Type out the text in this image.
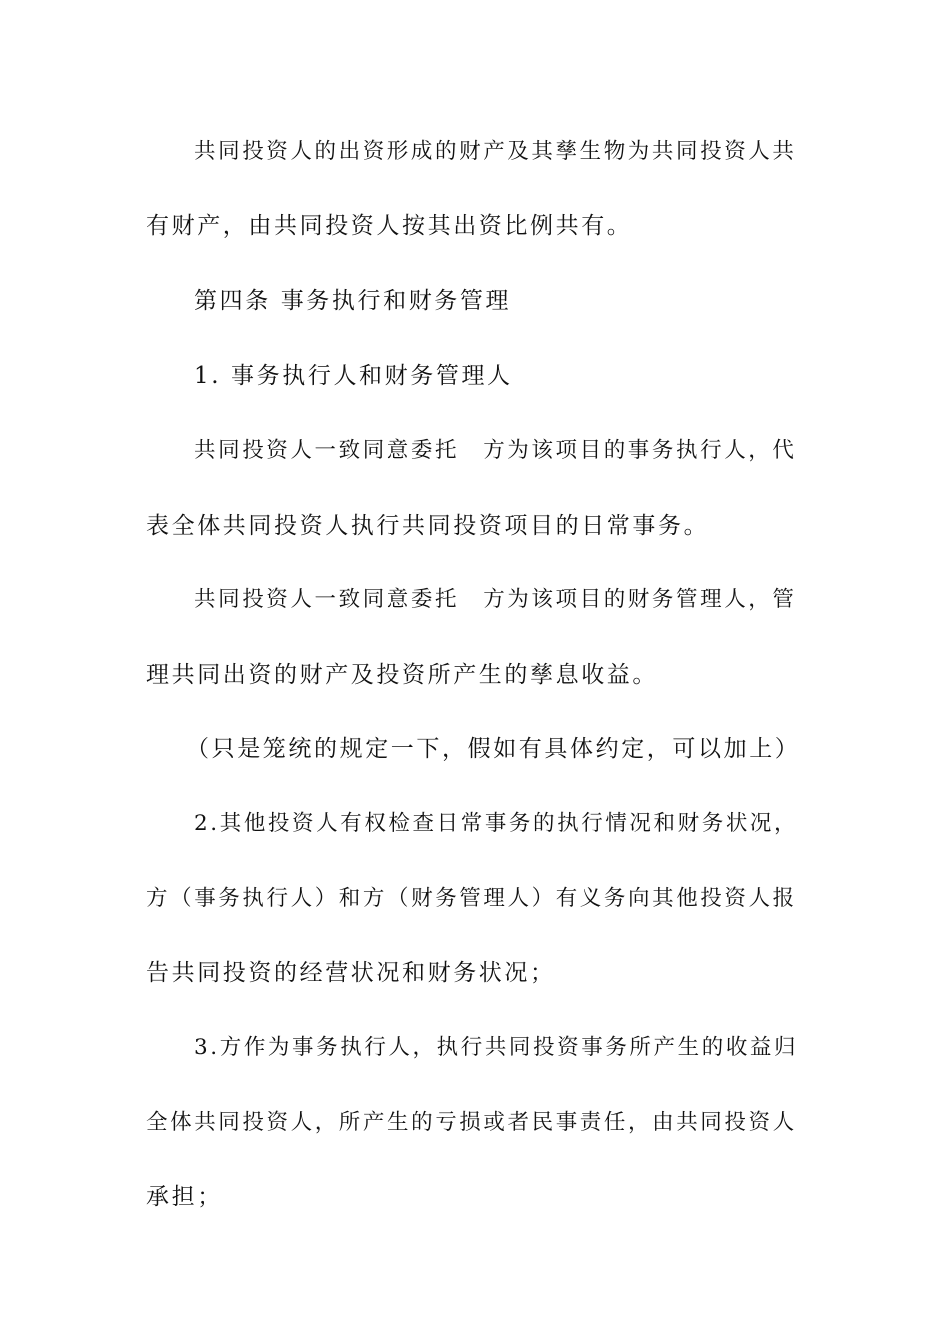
共同投资人的出资形成的财产及其孳生物为共同投资人共
有财产，由共同投资人按其出资比例共有。
第四条 事务执行和财务管理
1. 事务执行人和财务管理人
共同投资人一致同意委托　方为该项目的事务执行人，代
表全体共同投资人执行共同投资项目的日常事务。
共同投资人一致同意委托　方为该项目的财务管理人，管
理共同出资的财产及投资所产生的孳息收益。
（只是笼统的规定一下，假如有具体约定，可以加上）
2.其他投资人有权检查日常事务的执行情况和财务状况，
方（事务执行人）和方（财务管理人）有义务向其他投资人报
告共同投资的经营状况和财务状况；
3.方作为事务执行人，执行共同投资事务所产生的收益归
全体共同投资人，所产生的亏损或者民事责任，由共同投资人
承担；
